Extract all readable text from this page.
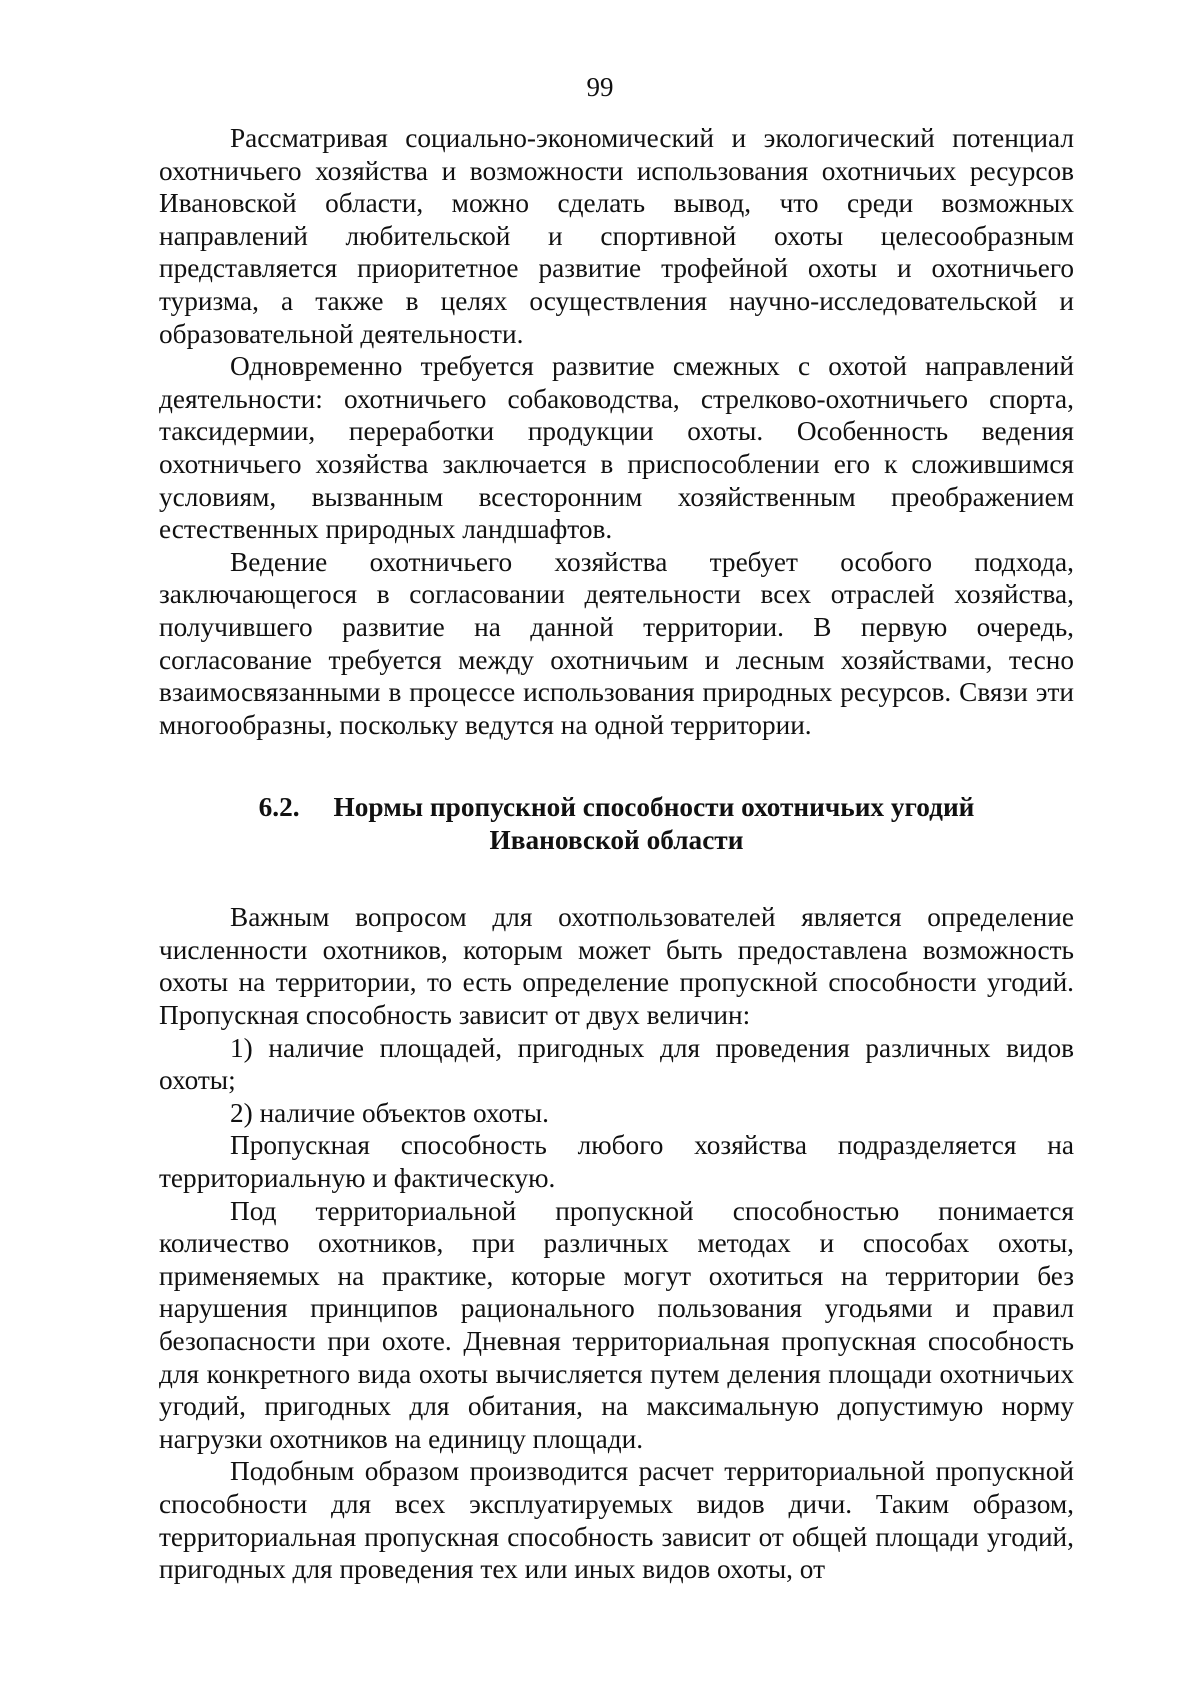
99

Рассматривая социально-экономический и экологический потенциал охотничьего хозяйства и возможности использования охотничьих ресурсов Ивановской области, можно сделать вывод, что среди возможных направлений любительской и спортивной охоты целесообразным представляется приоритетное развитие трофейной охоты и охотничьего туризма, а также в целях осуществления научно-исследовательской и образовательной деятельности.

Одновременно требуется развитие смежных с охотой направлений деятельности: охотничьего собаководства, стрелково-охотничьего спорта, таксидермии, переработки продукции охоты. Особенность ведения охотничьего хозяйства заключается в приспособлении его к сложившимся условиям, вызванным всесторонним хозяйственным преображением естественных природных ландшафтов.

Ведение охотничьего хозяйства требует особого подхода, заключающегося в согласовании деятельности всех отраслей хозяйства, получившего развитие на данной территории. В первую очередь, согласование требуется между охотничьим и лесным хозяйствами, тесно взаимосвязанными в процессе использования природных ресурсов. Связи эти многообразны, поскольку ведутся на одной территории.

6.2. Нормы пропускной способности охотничьих угодий
Ивановской области

Важным вопросом для охотпользователей является определение численности охотников, которым может быть предоставлена возможность охоты на территории, то есть определение пропускной способности угодий. Пропускная способность зависит от двух величин:

1) наличие площадей, пригодных для проведения различных видов охоты;

2) наличие объектов охоты.

Пропускная способность любого хозяйства подразделяется на территориальную и фактическую.

Под территориальной пропускной способностью понимается количество охотников, при различных методах и способах охоты, применяемых на практике, которые могут охотиться на территории без нарушения принципов рационального пользования угодьями и правил безопасности при охоте. Дневная территориальная пропускная способность для конкретного вида охоты вычисляется путем деления площади охотничьих угодий, пригодных для обитания, на максимальную допустимую норму нагрузки охотников на единицу площади.

Подобным образом производится расчет территориальной пропускной способности для всех эксплуатируемых видов дичи. Таким образом, территориальная пропускная способность зависит от общей площади угодий, пригодных для проведения тех или иных видов охоты, от
